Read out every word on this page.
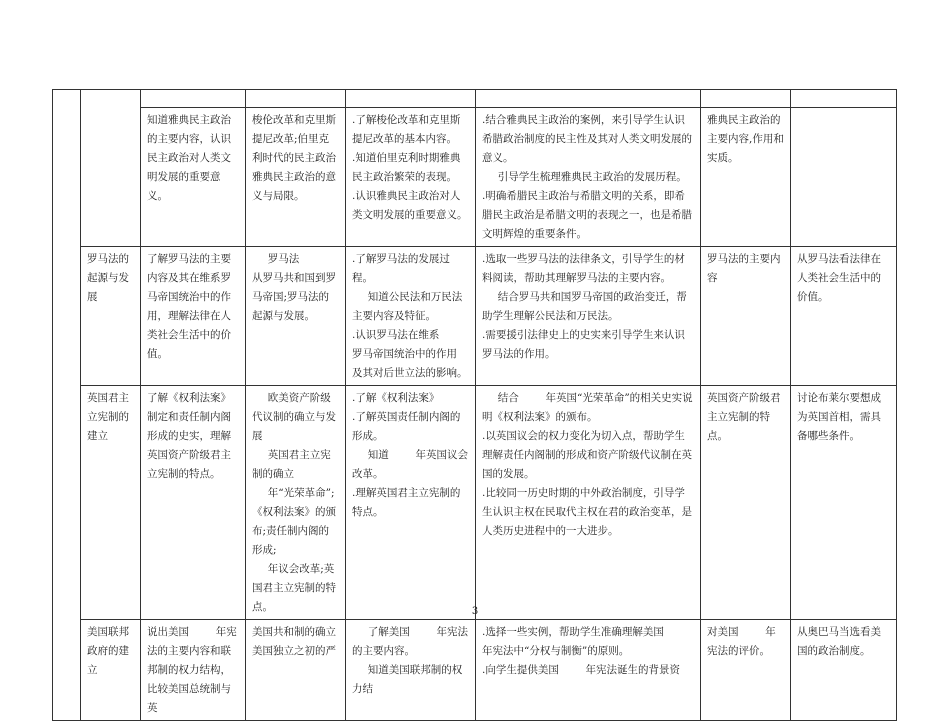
		知道雅典民主政治的主要内容，认识民主政治对人类文明发展的重要意义。	梭伦改革和克里斯提尼改革;伯里克利时代的民主政治雅典民主政治的意义与局限。	.了解梭伦改革和克里斯提尼改革的基本内容。
.知道伯里克利时期雅典民主政治繁荣的表现。
.认识雅典民主政治对人类文明发展的重要意义。	.结合雅典民主政治的案例，来引导学生认识希腊政治制度的民主性及其对人类文明发展的意义。
引导学生梳理雅典民主政治的发展历程。
.明确希腊民主政治与希腊文明的关系，即希腊民主政治是希腊文明的表现之一，也是希腊文明辉煌的重要条件。	雅典民主政治的主要内容,作用和实质。	
	罗马法的起源与发展	了解罗马法的主要内容及其在维系罗马帝国统治中的作用，理解法律在人类社会生活中的价值。	罗马法
从罗马共和国到罗马帝国;罗马法的起源与发展。	.了解罗马法的发展过程。
知道公民法和万民法主要内容及特征。
.认识罗马法在维系
罗马帝国统治中的作用
及其对后世立法的影响。	.选取一些罗马法的法律条文，引导学生的材料阅读，帮助其理解罗马法的主要内容。
结合罗马共和国罗马帝国的政治变迁，帮助学生理解公民法和万民法。
.需要援引法律史上的史实来引导学生来认识罗马法的作用。	罗马法的主要内容	从罗马法看法律在人类社会生活中的价值。
	英国君主立宪制的建立	了解《权利法案》制定和责任制内阁形成的史实，理解英国资产阶级君主立宪制的特点。	欧美资产阶级代议制的确立与发展
英国君主立宪制的确立
年“光荣革命”;
《权利法案》的颁布;责任制内阁的形成;
年议会改革;英国君主立宪制的特点。	.了解《权利法案》
.了解英国责任制内阁的形成。
知道        年英国议会改革。
.理解英国君主立宪制的特点。	结合        年英国“光荣革命”的相关史实说明《权利法案》的颁布。
.以英国议会的权力变化为切入点，帮助学生理解责任内阁制的形成和资产阶级代议制在英国的发展。
.比较同一历史时期的中外政治制度，引导学生认识主权在民取代主权在君的政治变革，是人类历史进程中的一大进步。	英国资产阶级君主立宪制的特点。	讨论布莱尔要想成为英国首相，需具备哪些条件。
	美国联邦政府的建立	说出美国        年宪法的主要内容和联邦制的权力结构，比较美国总统制与英	美国共和制的确立美国独立之初的严	了解美国        年宪法的主要内容。
知道美国联邦制的权力结	.选择一些实例，帮助学生准确理解美国        年宪法中“分权与制衡”的原则。
.向学生提供美国        年宪法诞生的背景资	对美国        年宪法的评价。	从奥巴马当选看美国的政治制度。
3
